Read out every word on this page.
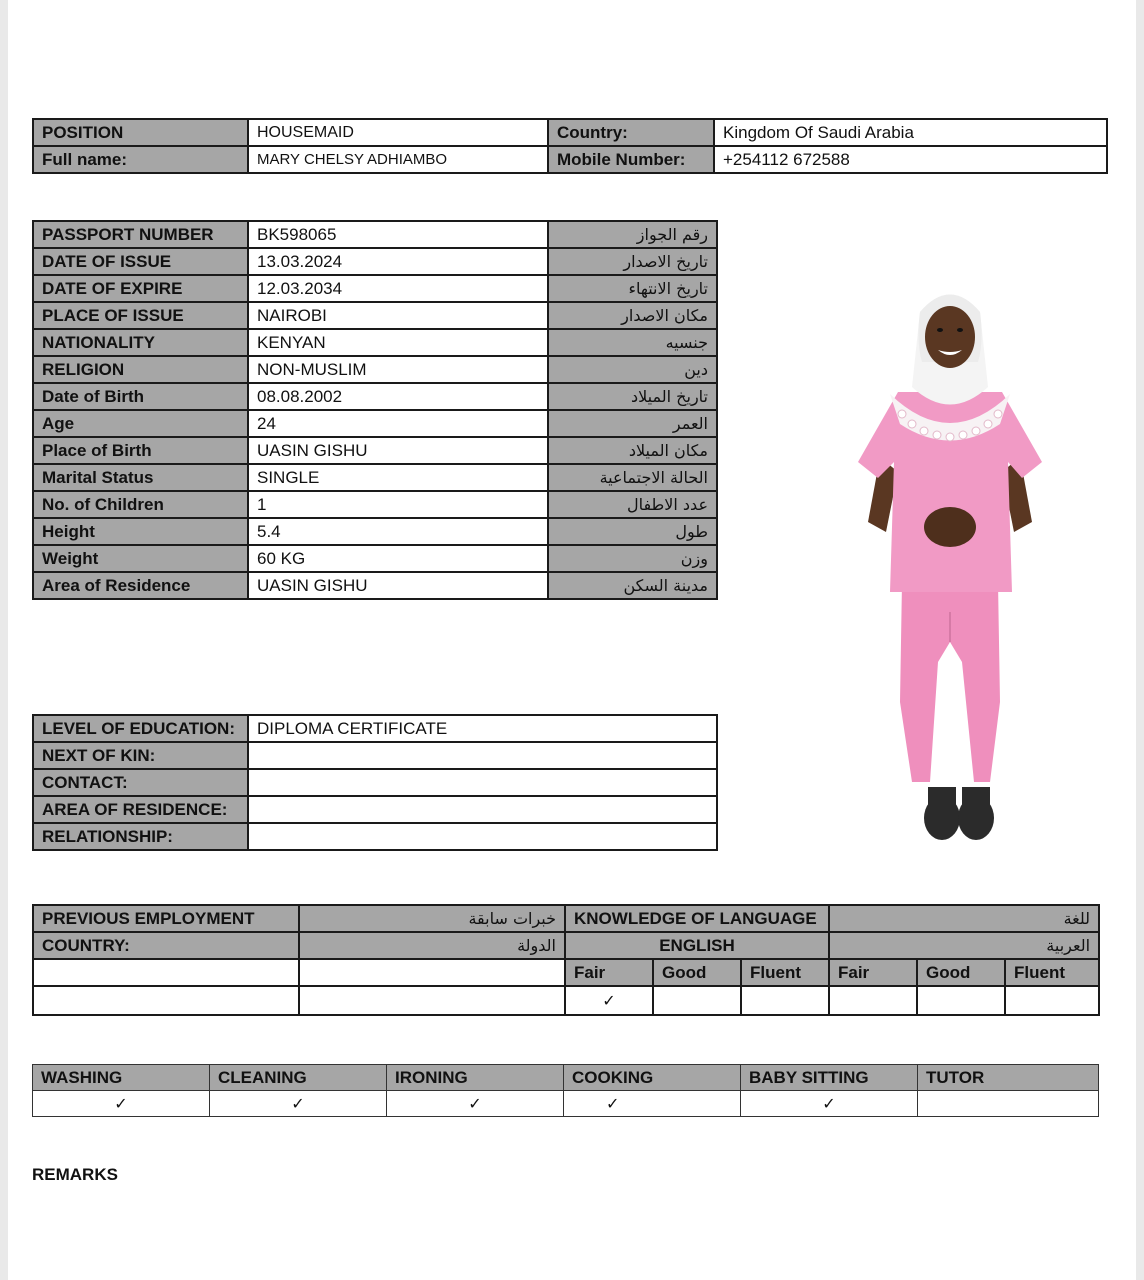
POSITION	HOUSEMAID	Country:	Kingdom Of Saudi Arabia
Full name:	MARY CHELSY ADHIAMBO	Mobile Number:	+254112 672588
PASSPORT NUMBER	BK598065	رقم الجواز
DATE OF ISSUE	13.03.2024	تاريخ الاصدار
DATE OF EXPIRE	12.03.2034	تاريخ الانتهاء
PLACE OF ISSUE	NAIROBI	مكان الاصدار
NATIONALITY	KENYAN	جنسيه
RELIGION	NON-MUSLIM	دين
Date of Birth	08.08.2002	تاريخ الميلاد
Age	24	العمر
Place of Birth	UASIN GISHU	مكان الميلاد
Marital Status	SINGLE	الحالة الاجتماعية
No. of Children	1	عدد الاطفال
Height	5.4	طول
Weight	60 KG	وزن
Area of Residence	UASIN GISHU	مدينة السكن
LEVEL OF EDUCATION:	DIPLOMA CERTIFICATE
NEXT OF KIN:	
CONTACT:	
AREA OF RESIDENCE:	
RELATIONSHIP:	
PREVIOUS EMPLOYMENT	خبرات سابقة	KNOWLEDGE OF LANGUAGE			للغة		
COUNTRY:	الدولة	ENGLISH			العربية		
		Fair	Good	Fluent	Fair	Good	Fluent
		✓					
WASHING	CLEANING	IRONING	COOKING	BABY SITTING	TUTOR
✓	✓	✓	✓	✓	
REMARKS
